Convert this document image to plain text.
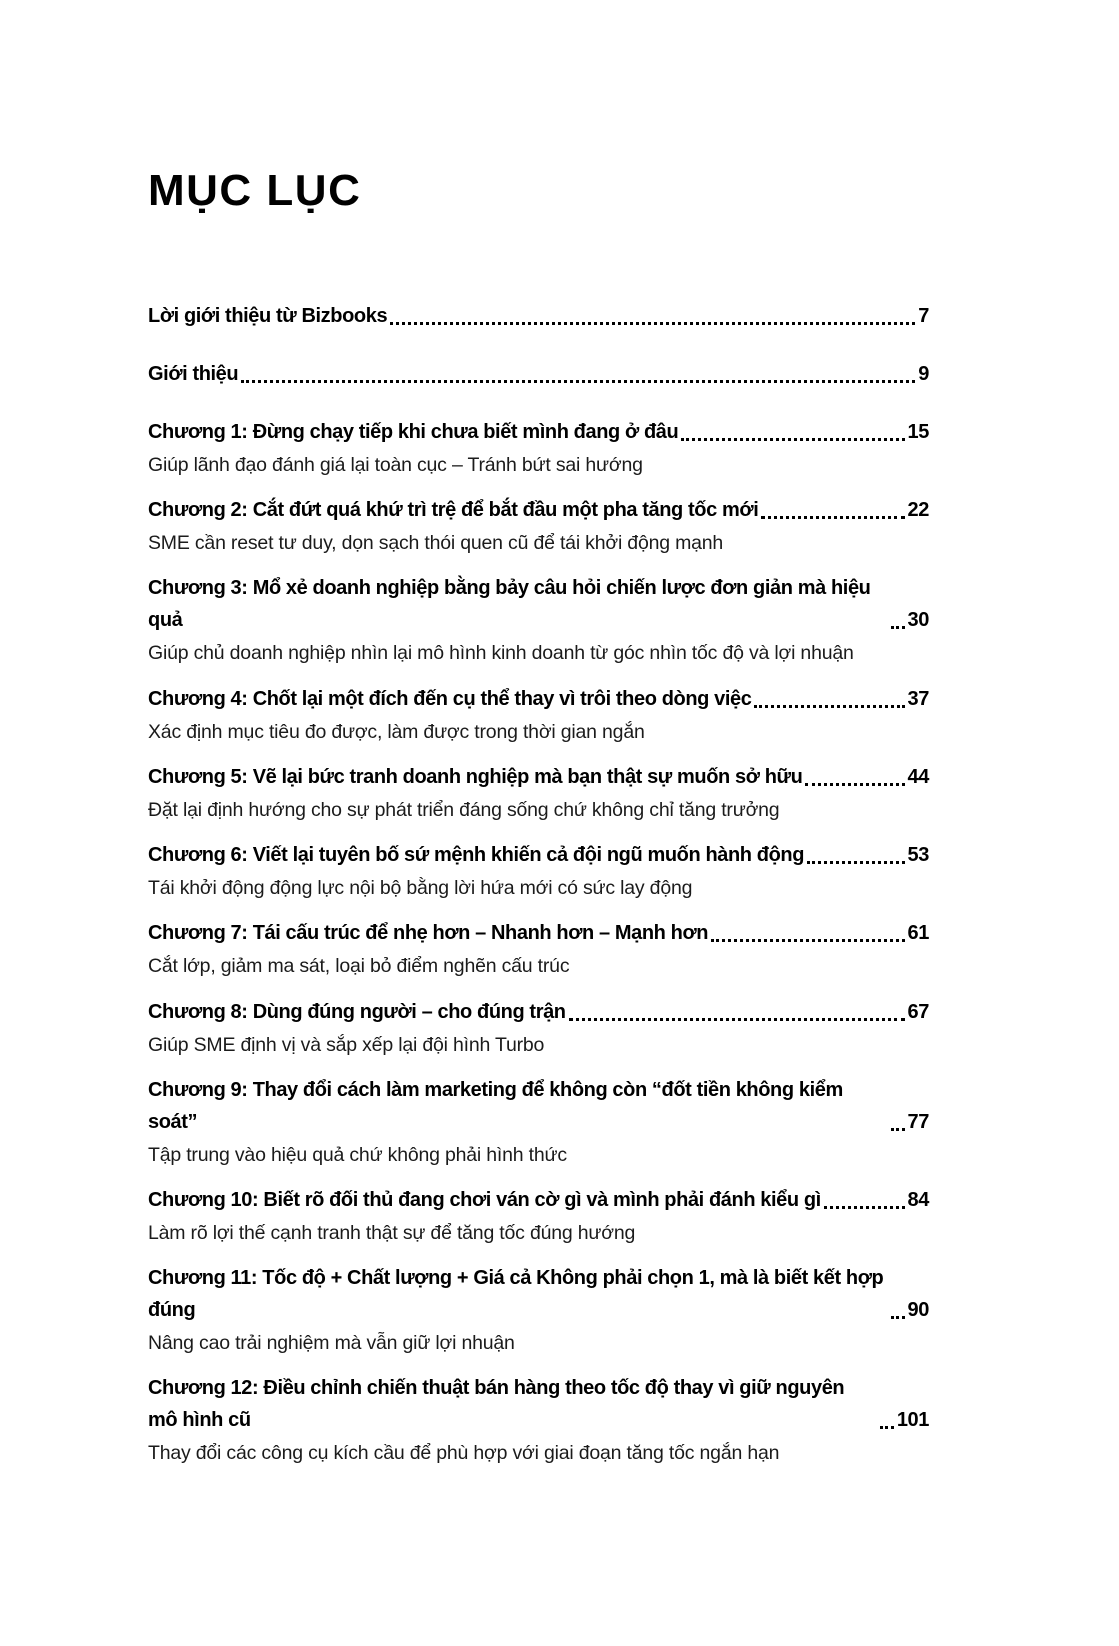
MỤC LỤC
Lời giới thiệu từ Bizbooks	7
Giới thiệu	9
Chương 1: Đừng chạy tiếp khi chưa biết mình đang ở đâu	15
Giúp lãnh đạo đánh giá lại toàn cục – Tránh bứt sai hướng
Chương 2: Cắt đứt quá khứ trì trệ để bắt đầu một pha tăng tốc mới	22
SME cần reset tư duy, dọn sạch thói quen cũ để tái khởi động mạnh
Chương 3: Mổ xẻ doanh nghiệp bằng bảy câu hỏi chiến lược đơn giản mà hiệu quả	30
Giúp chủ doanh nghiệp nhìn lại mô hình kinh doanh từ góc nhìn tốc độ và lợi nhuận
Chương 4: Chốt lại một đích đến cụ thể thay vì trôi theo dòng việc	37
Xác định mục tiêu đo được, làm được trong thời gian ngắn
Chương 5: Vẽ lại bức tranh doanh nghiệp mà bạn thật sự muốn sở hữu	44
Đặt lại định hướng cho sự phát triển đáng sống chứ không chỉ tăng trưởng
Chương 6: Viết lại tuyên bố sứ mệnh khiến cả đội ngũ muốn hành động	53
Tái khởi động động lực nội bộ bằng lời hứa mới có sức lay động
Chương 7: Tái cấu trúc để nhẹ hơn – Nhanh hơn – Mạnh hơn	61
Cắt lớp, giảm ma sát, loại bỏ điểm nghẽn cấu trúc
Chương 8: Dùng đúng người – cho đúng trận	67
Giúp SME định vị và sắp xếp lại đội hình Turbo
Chương 9: Thay đổi cách làm marketing để không còn “đốt tiền không kiểm soát”	77
Tập trung vào hiệu quả chứ không phải hình thức
Chương 10: Biết rõ đối thủ đang chơi ván cờ gì và mình phải đánh kiểu gì	84
Làm rõ lợi thế cạnh tranh thật sự để tăng tốc đúng hướng
Chương 11: Tốc độ + Chất lượng + Giá cả Không phải chọn 1, mà là biết kết hợp đúng	90
Nâng cao trải nghiệm mà vẫn giữ lợi nhuận
Chương 12: Điều chỉnh chiến thuật bán hàng theo tốc độ thay vì giữ nguyên mô hình cũ	101
Thay đổi các công cụ kích cầu để phù hợp với giai đoạn tăng tốc ngắn hạn
